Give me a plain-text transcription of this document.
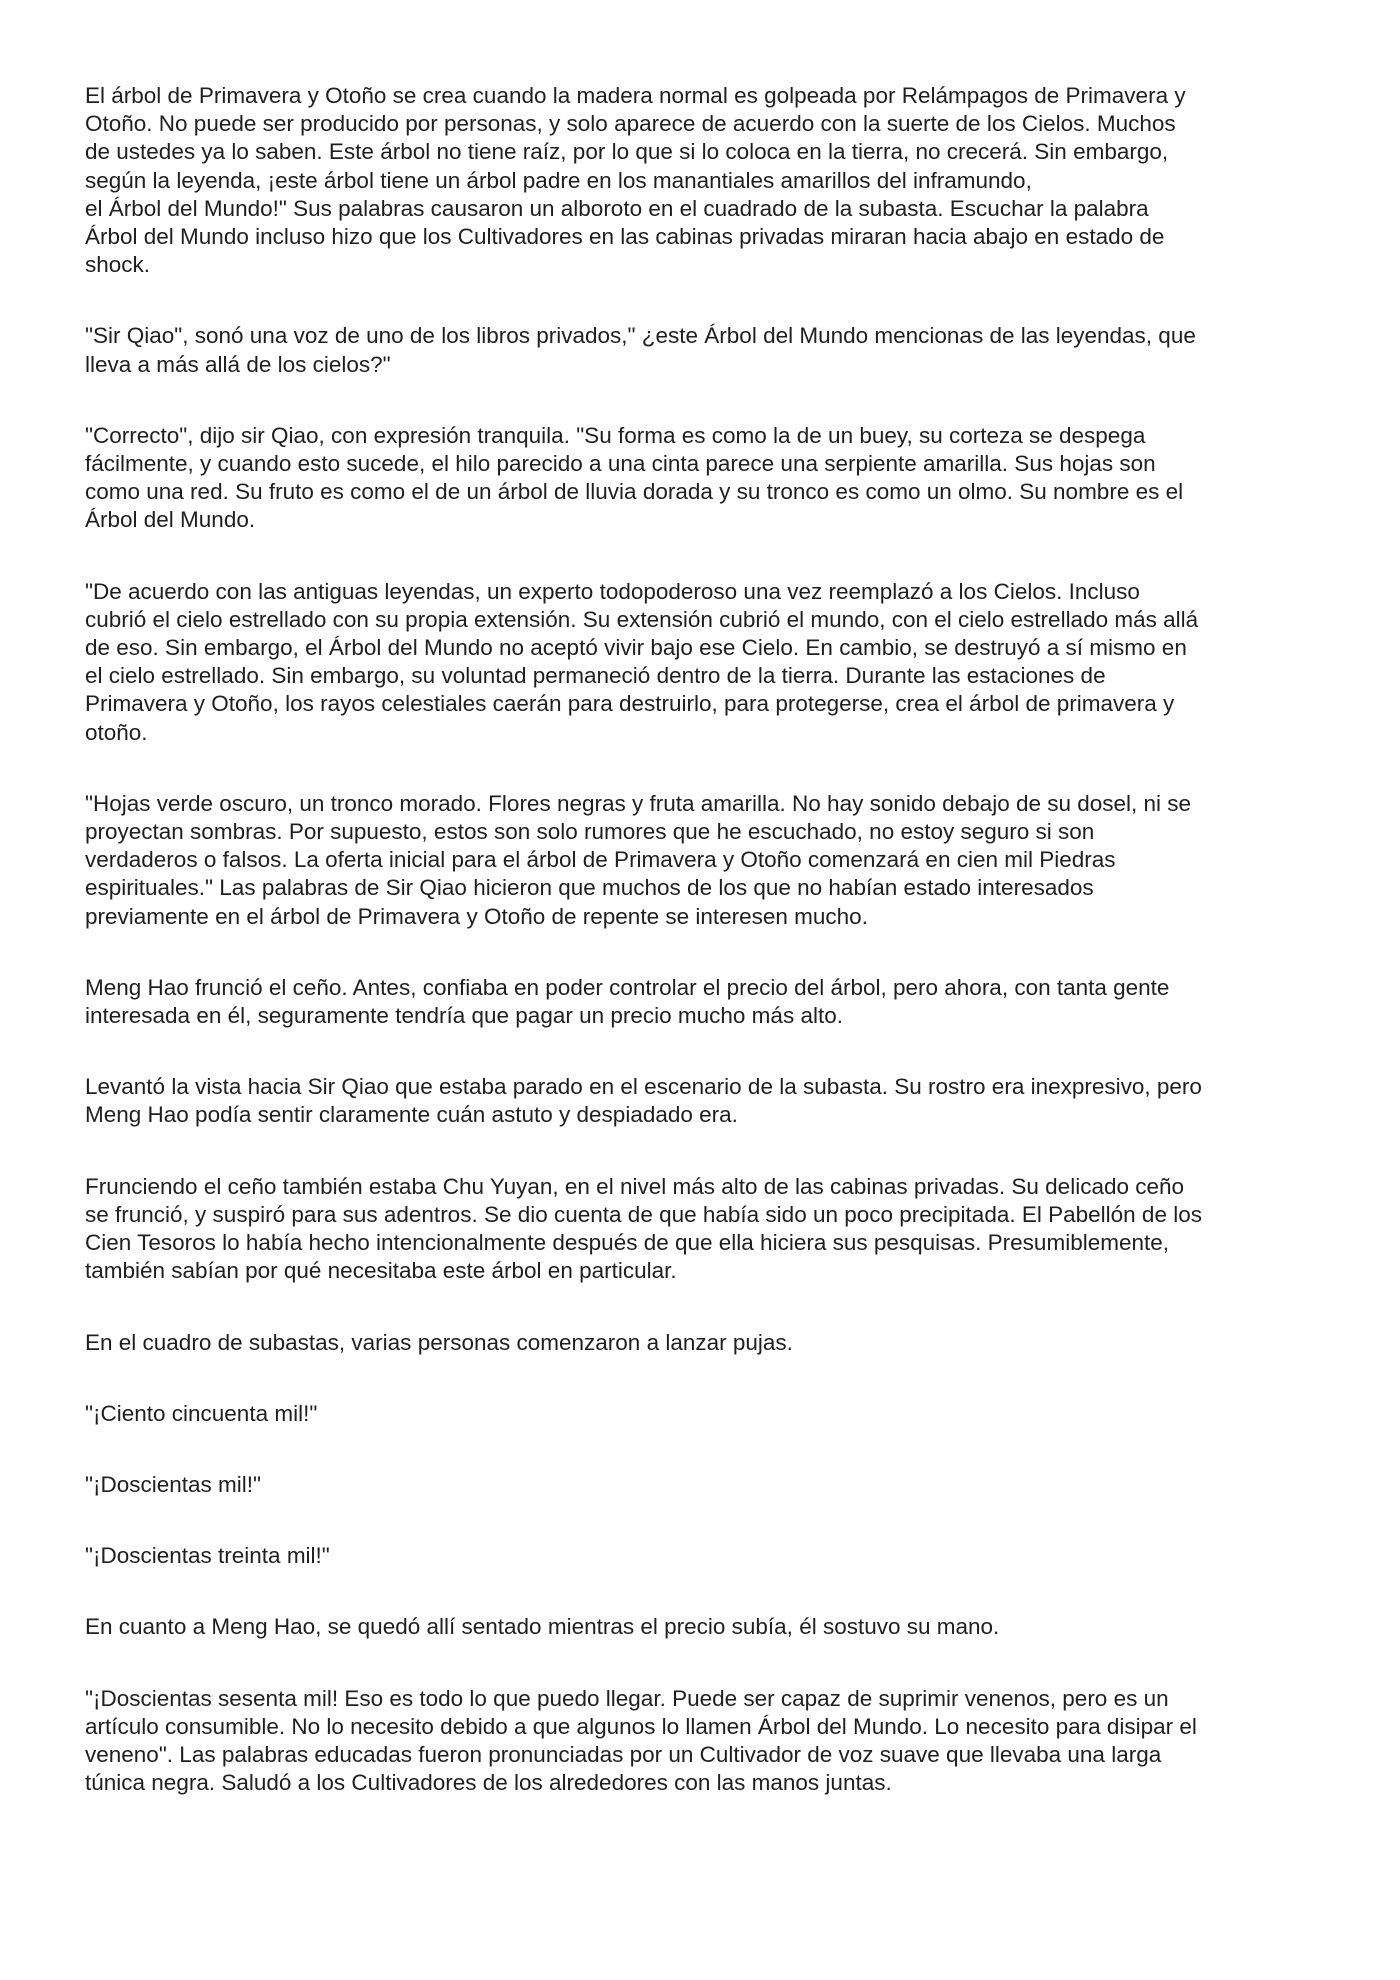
El árbol de Primavera y Otoño se crea cuando la madera normal es golpeada por Relámpagos de Primavera y
Otoño. No puede ser producido por personas, y solo aparece de acuerdo con la suerte de los Cielos. Muchos
de ustedes ya lo saben. Este árbol no tiene raíz, por lo que si lo coloca en la tierra, no crecerá. Sin embargo,
según la leyenda, ¡este árbol tiene un árbol padre en los manantiales amarillos del inframundo,
el Árbol del Mundo!" Sus palabras causaron un alboroto en el cuadrado de la subasta. Escuchar la palabra
Árbol del Mundo incluso hizo que los Cultivadores en las cabinas privadas miraran hacia abajo en estado de
shock.

"Sir Qiao", sonó una voz de uno de los libros privados," ¿este Árbol del Mundo mencionas de las leyendas, que
lleva a más allá de los cielos?"

"Correcto", dijo sir Qiao, con expresión tranquila. "Su forma es como la de un buey, su corteza se despega
fácilmente, y cuando esto sucede, el hilo parecido a una cinta parece una serpiente amarilla. Sus hojas son
como una red. Su fruto es como el de un árbol de lluvia dorada y su tronco es como un olmo. Su nombre es el
Árbol del Mundo.

"De acuerdo con las antiguas leyendas, un experto todopoderoso una vez reemplazó a los Cielos. Incluso
cubrió el cielo estrellado con su propia extensión. Su extensión cubrió el mundo, con el cielo estrellado más allá
de eso. Sin embargo, el Árbol del Mundo no aceptó vivir bajo ese Cielo. En cambio, se destruyó a sí mismo en
el cielo estrellado. Sin embargo, su voluntad permaneció dentro de la tierra. Durante las estaciones de
Primavera y Otoño, los rayos celestiales caerán para destruirlo, para protegerse, crea el árbol de primavera y
otoño.

"Hojas verde oscuro, un tronco morado. Flores negras y fruta amarilla. No hay sonido debajo de su dosel, ni se
proyectan sombras. Por supuesto, estos son solo rumores que he escuchado, no estoy seguro si son
verdaderos o falsos. La oferta inicial para el árbol de Primavera y Otoño comenzará en cien mil Piedras
espirituales." Las palabras de Sir Qiao hicieron que muchos de los que no habían estado interesados
previamente en el árbol de Primavera y Otoño de repente se interesen mucho.

Meng Hao frunció el ceño. Antes, confiaba en poder controlar el precio del árbol, pero ahora, con tanta gente
interesada en él, seguramente tendría que pagar un precio mucho más alto.

Levantó la vista hacia Sir Qiao que estaba parado en el escenario de la subasta. Su rostro era inexpresivo, pero
Meng Hao podía sentir claramente cuán astuto y despiadado era.

Frunciendo el ceño también estaba Chu Yuyan, en el nivel más alto de las cabinas privadas. Su delicado ceño
se frunció, y suspiró para sus adentros. Se dio cuenta de que había sido un poco precipitada. El Pabellón de los
Cien Tesoros lo había hecho intencionalmente después de que ella hiciera sus pesquisas. Presumiblemente,
también sabían por qué necesitaba este árbol en particular.

En el cuadro de subastas, varias personas comenzaron a lanzar pujas.

"¡Ciento cincuenta mil!"

"¡Doscientas mil!"

"¡Doscientas treinta mil!"

En cuanto a Meng Hao, se quedó allí sentado mientras el precio subía, él sostuvo su mano.

"¡Doscientas sesenta mil! Eso es todo lo que puedo llegar. Puede ser capaz de suprimir venenos, pero es un
artículo consumible. No lo necesito debido a que algunos lo llamen Árbol del Mundo. Lo necesito para disipar el
veneno". Las palabras educadas fueron pronunciadas por un Cultivador de voz suave que llevaba una larga
túnica negra. Saludó a los Cultivadores de los alrededores con las manos juntas.
